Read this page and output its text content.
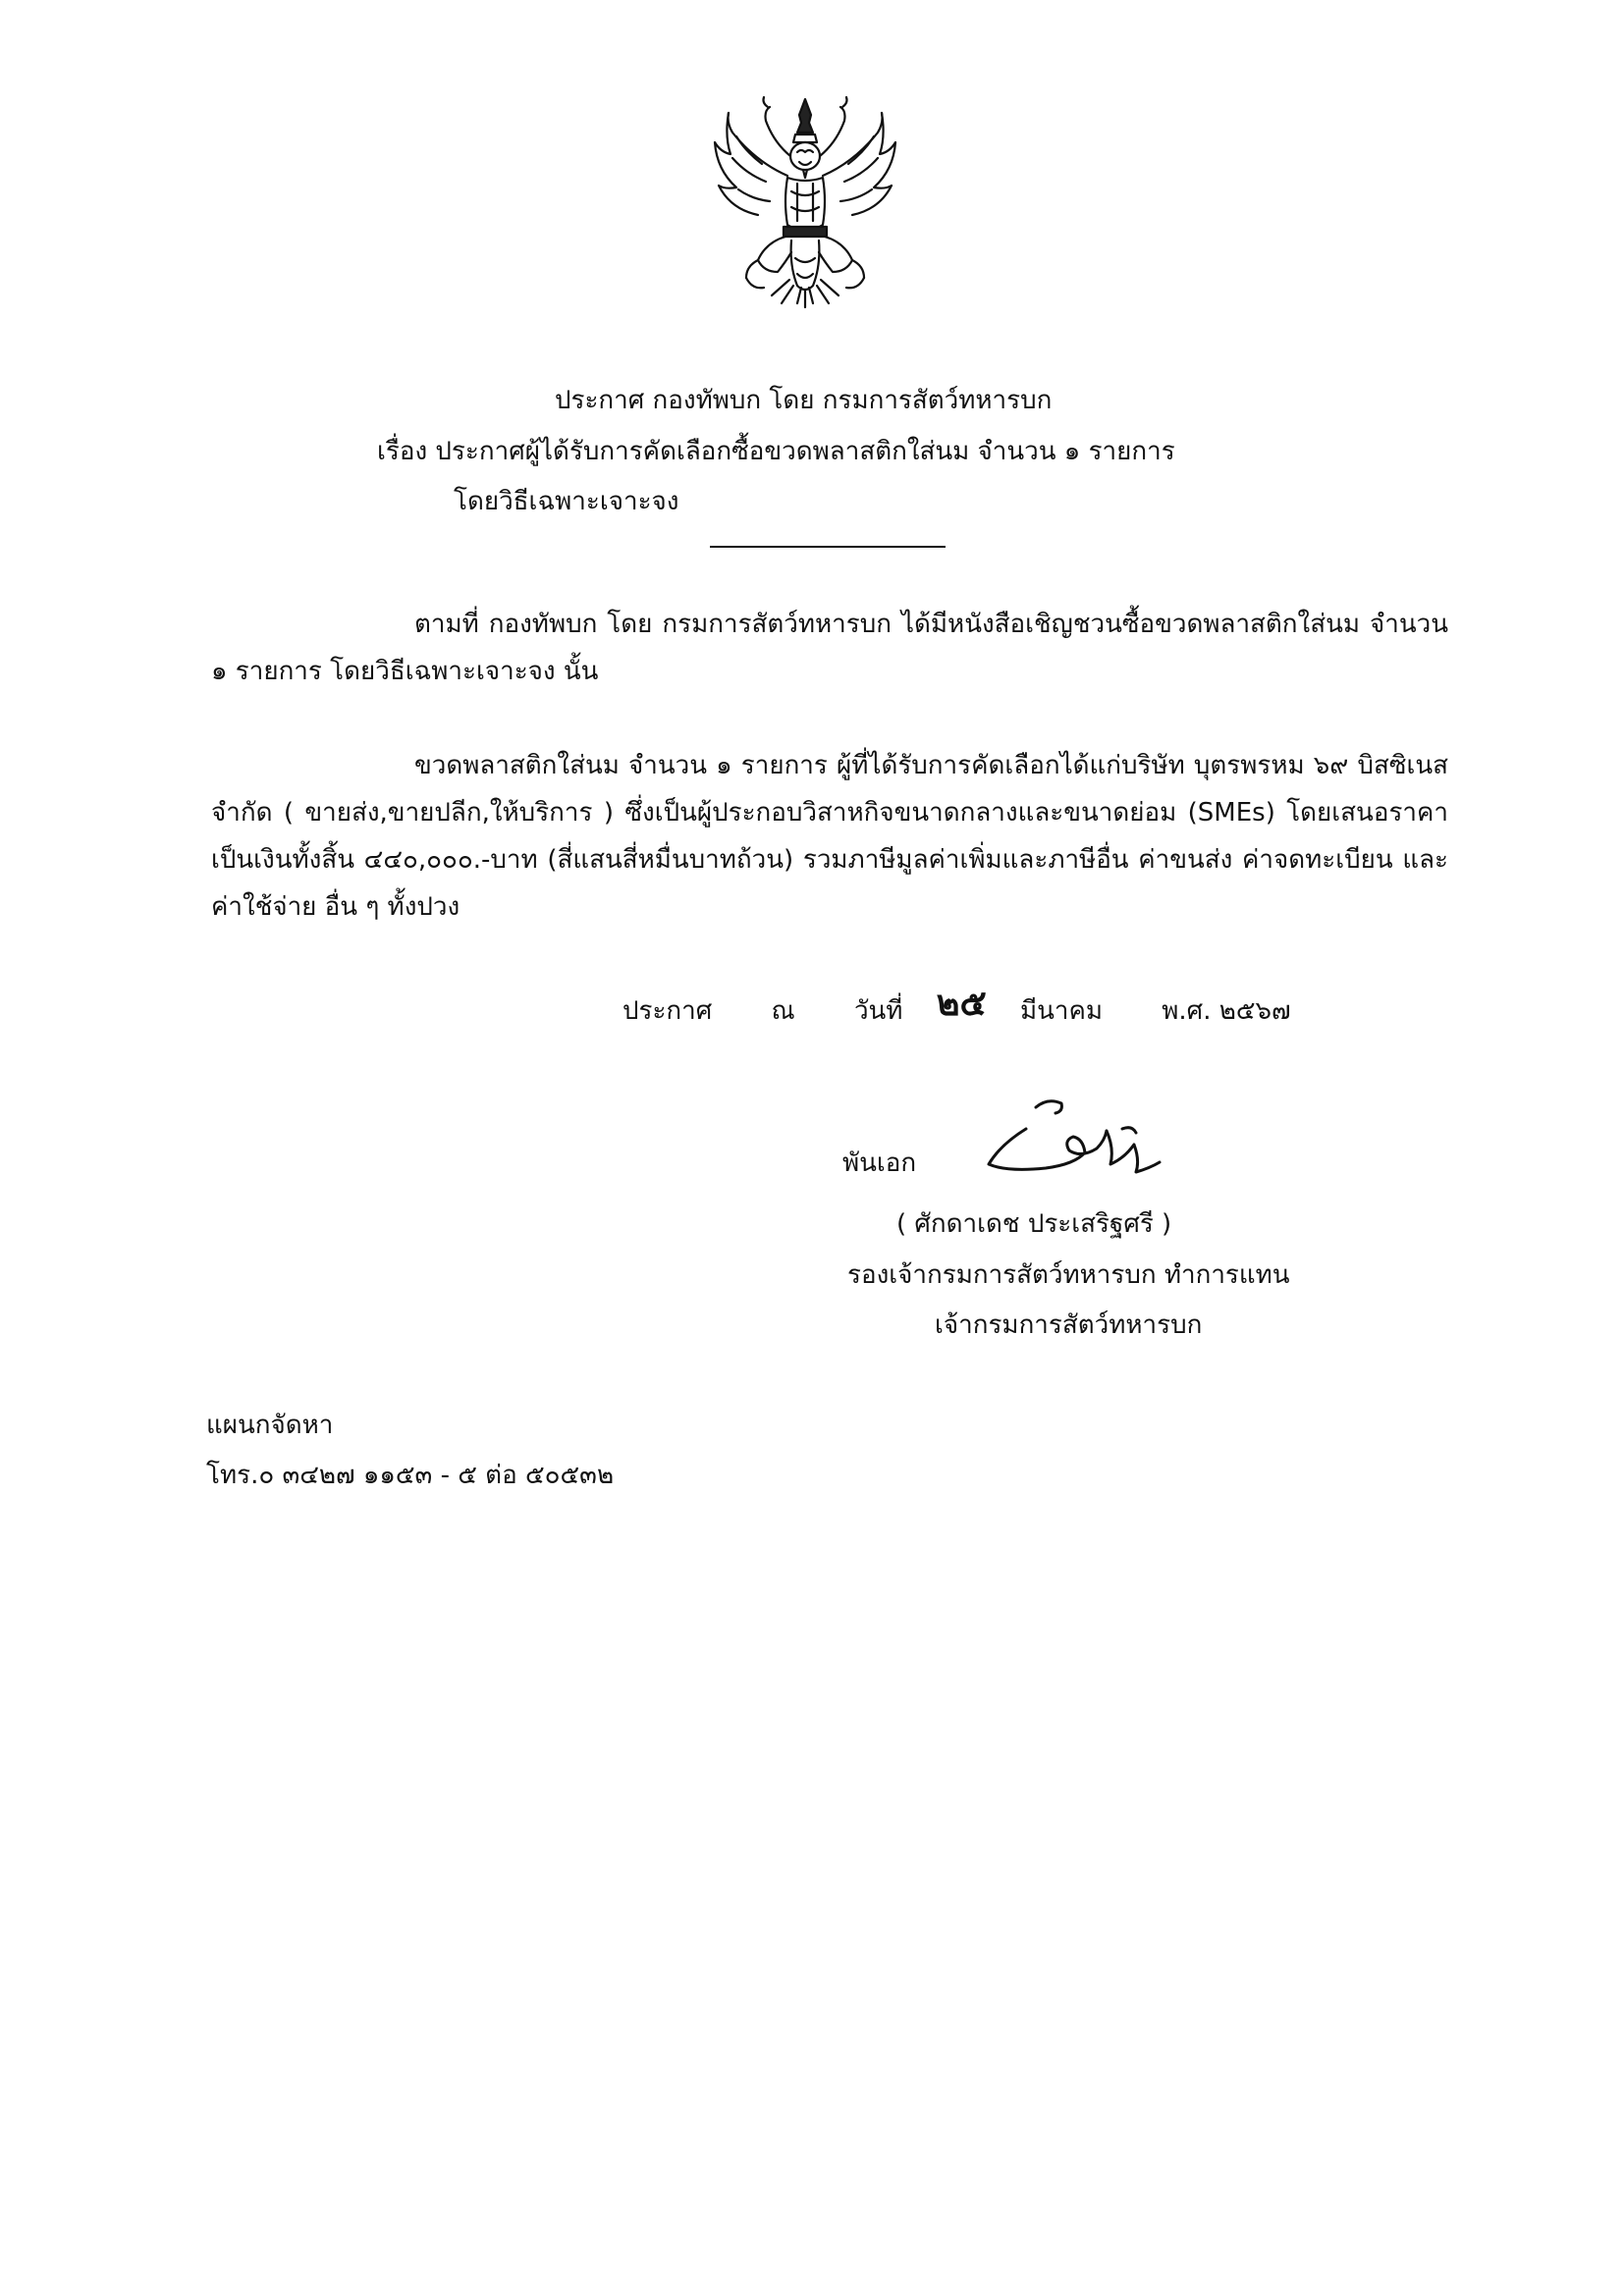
ประกาศ กองทัพบก โดย กรมการสัตว์ทหารบก
เรื่อง ประกาศผู้ได้รับการคัดเลือกซื้อขวดพลาสติกใส่นม จำนวน ๑ รายการ
โดยวิธีเฉพาะเจาะจง
ตามที่ กองทัพบก โดย กรมการสัตว์ทหารบก ได้มีหนังสือเชิญชวนซื้อขวดพลาสติกใส่นม จำนวน ๑ รายการ โดยวิธีเฉพาะเจาะจง นั้น
ขวดพลาสติกใส่นม จำนวน ๑ รายการ ผู้ที่ได้รับการคัดเลือกได้แก่บริษัท บุตรพรหม ๖๙ บิสซิเนส จำกัด ( ขายส่ง,ขายปลีก,ให้บริการ ) ซึ่งเป็นผู้ประกอบวิสาหกิจขนาดกลางและขนาดย่อม (SMEs) โดยเสนอราคา เป็นเงินทั้งสิ้น ๔๔๐,๐๐๐.-บาท (สี่แสนสี่หมื่นบาทถ้วน) รวมภาษีมูลค่าเพิ่มและภาษีอื่น ค่าขนส่ง ค่าจดทะเบียน และค่าใช้จ่าย อื่น ๆ ทั้งปวง
ประกาศ ณ วันที่ ๒๕ มีนาคม พ.ศ. ๒๕๖๗
พันเอก
( ศักดาเดช ประเสริฐศรี )
รองเจ้ากรมการสัตว์ทหารบก ทำการแทน
เจ้ากรมการสัตว์ทหารบก
แผนกจัดหา
โทร.๐ ๓๔๒๗ ๑๑๕๓ - ๕ ต่อ ๕๐๕๓๒
